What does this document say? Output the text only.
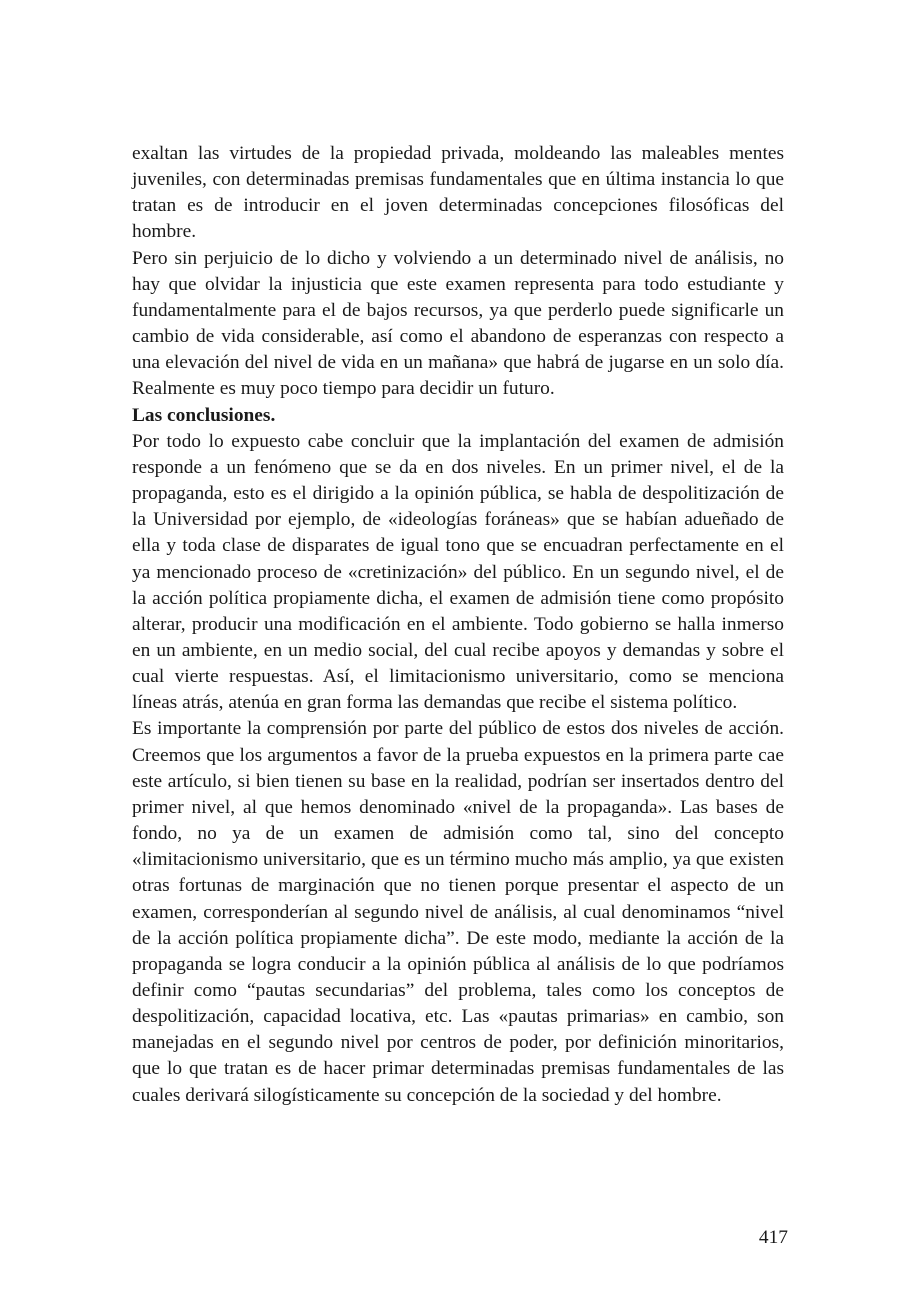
exaltan las virtudes de la propiedad privada, moldeando las maleables mentes juveniles, con determinadas premisas fundamentales que en última instancia lo que tratan es de introducir en el joven determinadas concepciones filosóficas del hombre.

Pero sin perjuicio de lo dicho y volviendo a un determinado nivel de análisis, no hay que olvidar la injusticia que este examen representa para todo estudiante y fundamentalmente para el de bajos recursos, ya que perderlo puede significarle un cambio de vida considerable, así como el abandono de esperanzas con respecto a una elevación del nivel de vida en un mañana» que habrá de jugarse en un solo día. Realmente es muy poco tiempo para decidir un futuro.

Las conclusiones.

Por todo lo expuesto cabe concluir que la implantación del examen de admisión responde a un fenómeno que se da en dos niveles. En un primer nivel, el de la propaganda, esto es el dirigido a la opinión pública, se habla de despolitización de la Universidad por ejemplo, de «ideologías foráneas» que se habían adueñado de ella y toda clase de disparates de igual tono que se encuadran perfectamente en el ya mencionado proceso de «cretinización» del público. En un segundo nivel, el de la acción política propiamente dicha, el examen de admisión tiene como propósito alterar, producir una modificación en el ambiente. Todo gobierno se halla inmerso en un ambiente, en un medio social, del cual recibe apoyos y demandas y sobre el cual vierte respuestas. Así, el limitacionismo universitario, como se menciona líneas atrás, atenúa en gran forma las demandas que recibe el sistema político.

Es importante la comprensión por parte del público de estos dos niveles de acción. Creemos que los argumentos a favor de la prueba expuestos en la primera parte cae este artículo, si bien tienen su base en la realidad, podrían ser insertados dentro del primer nivel, al que hemos denominado «nivel de la propaganda». Las bases de fondo, no ya de un examen de admisión como tal, sino del concepto «limitacionismo universitario, que es un término mucho más amplio, ya que existen otras fortunas de marginación que no tienen porque presentar el aspecto de un examen, corresponderían al segundo nivel de análisis, al cual denominamos “nivel de la acción política propiamente dicha”. De este modo, mediante la acción de la propaganda se logra conducir a la opinión pública al análisis de lo que podríamos definir como “pautas secundarias” del problema, tales como los conceptos de despolitización, capacidad locativa, etc. Las «pautas primarias» en cambio, son manejadas en el segundo nivel por centros de poder, por definición minoritarios, que lo que tratan es de hacer primar determinadas premisas fundamentales de las cuales derivará silogísticamente su concepción de la sociedad y del hombre.

417
